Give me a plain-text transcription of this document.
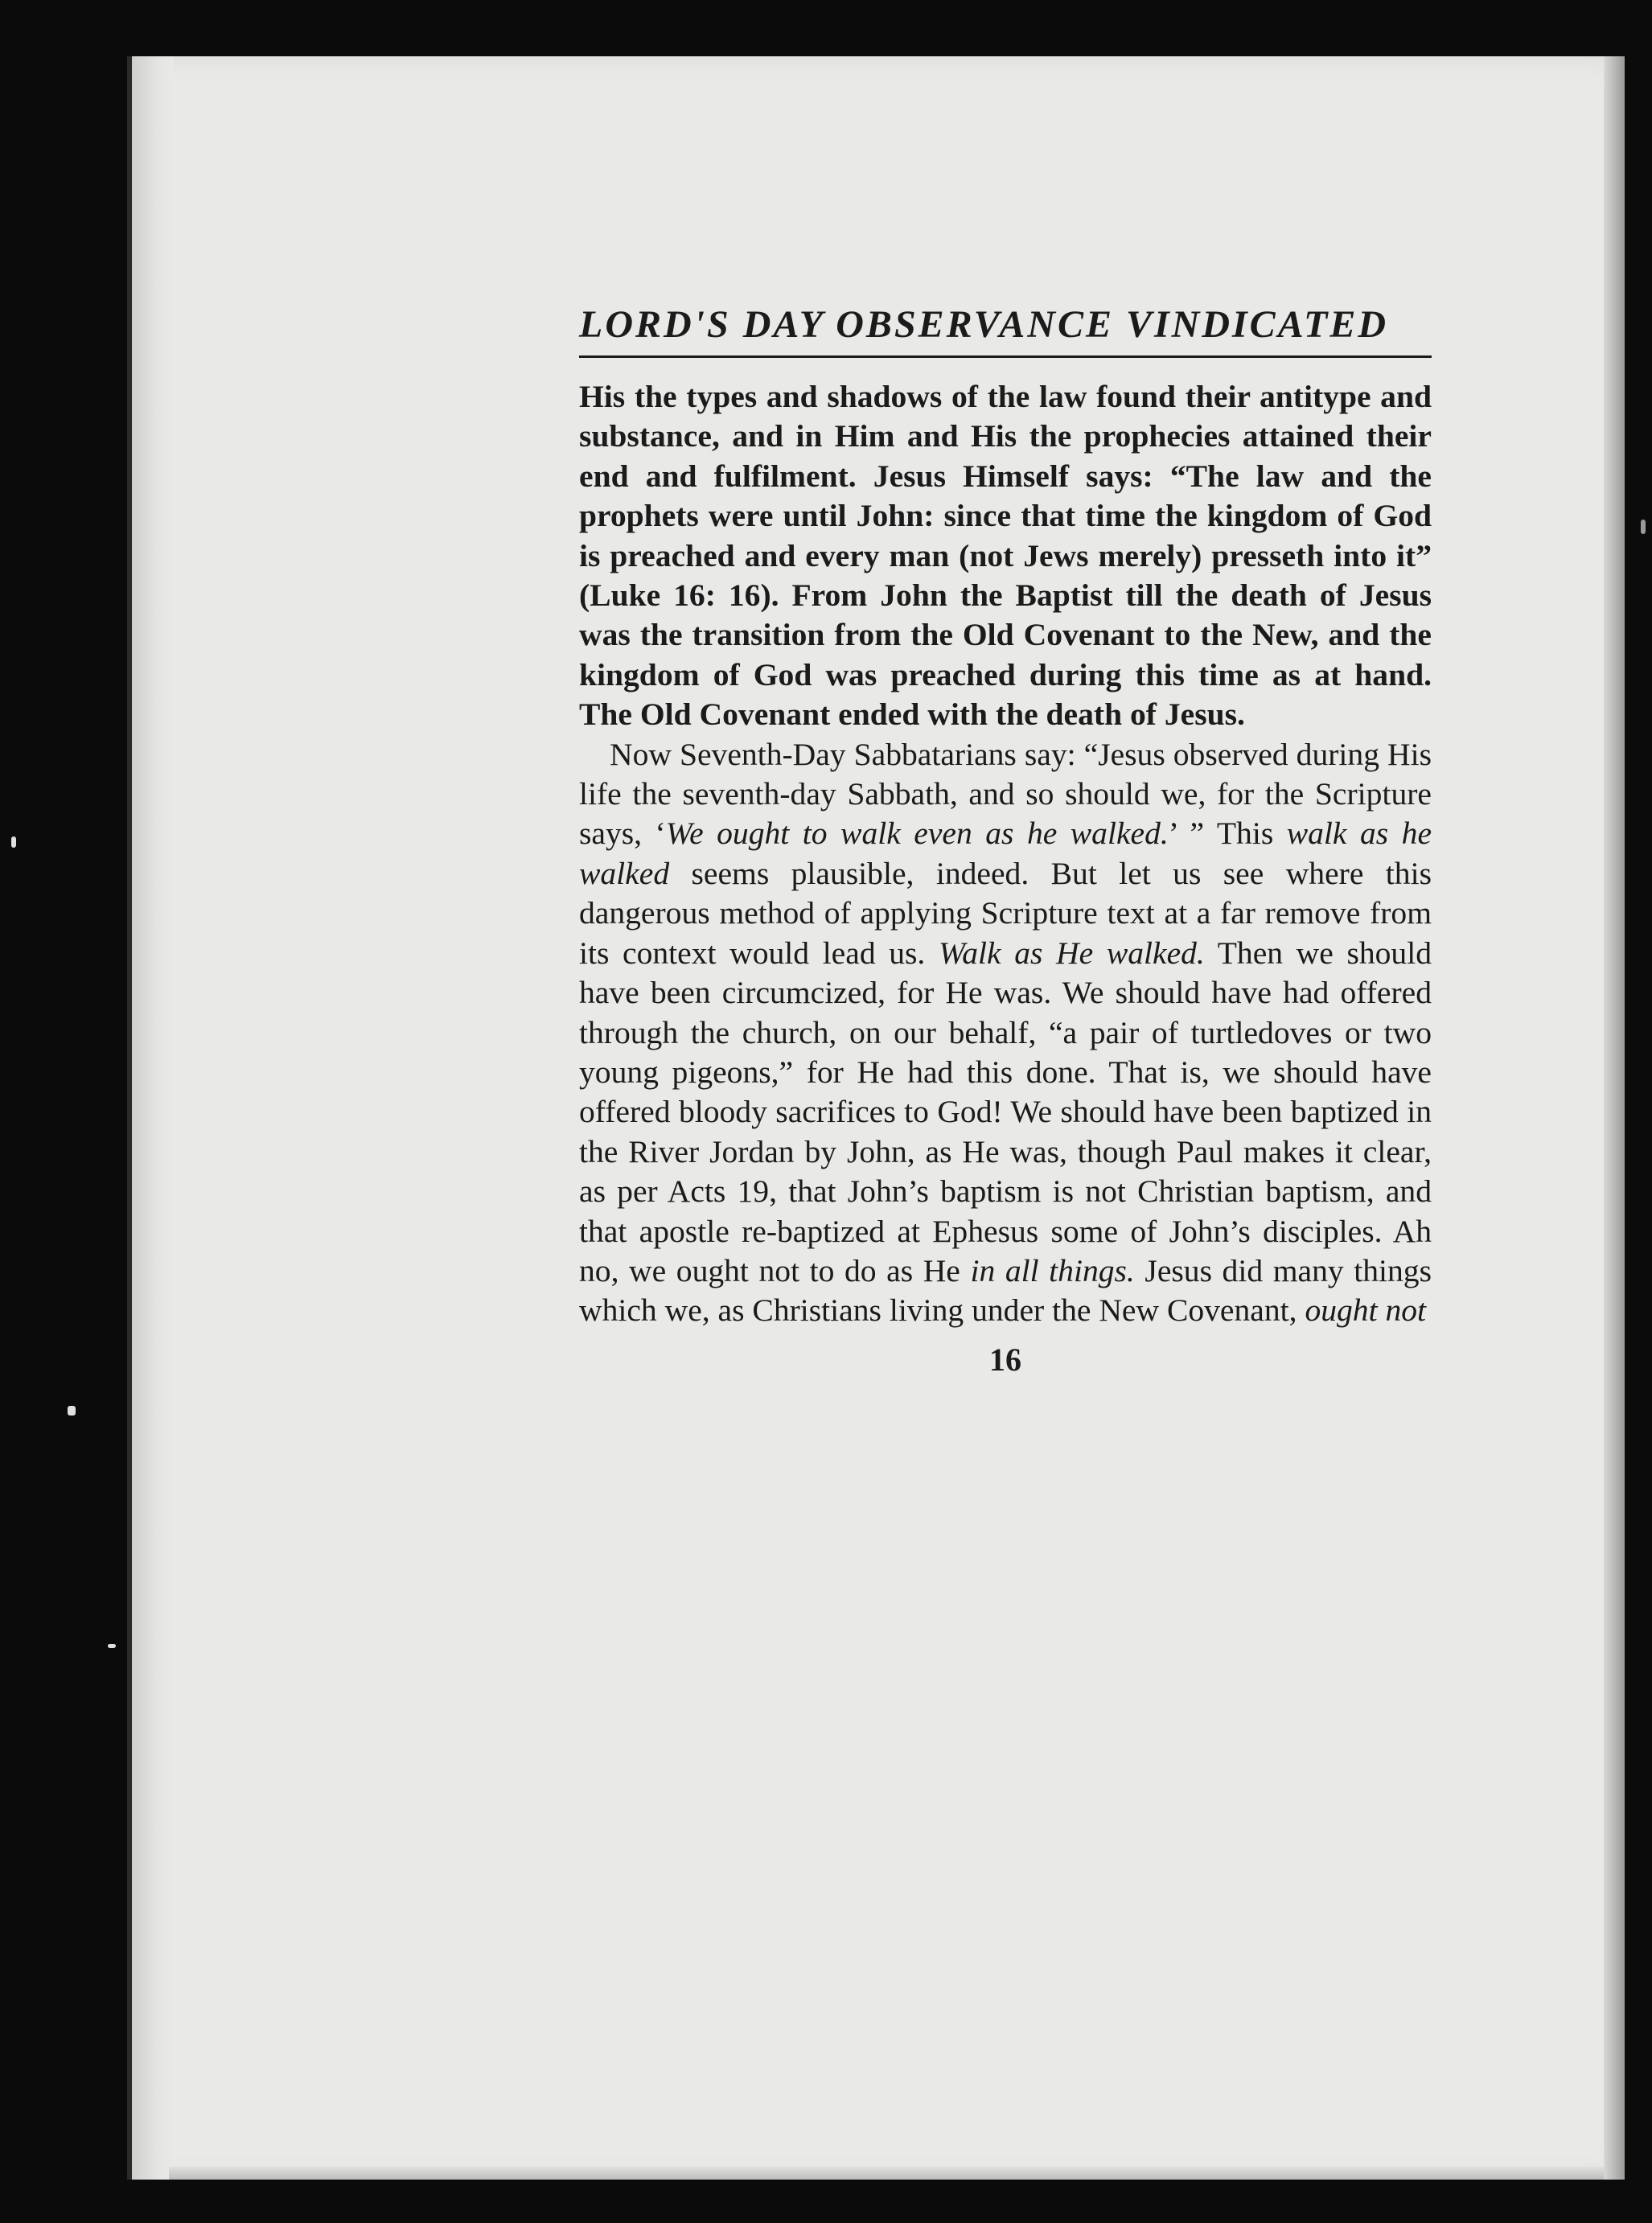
LORD'S DAY OBSERVANCE VINDICATED

His the types and shadows of the law found their antitype and substance, and in Him and His the prophecies attained their end and fulfilment. Jesus Himself says: “The law and the prophets were until John: since that time the kingdom of God is preached and every man (not Jews merely) presseth into it” (Luke 16: 16). From John the Baptist till the death of Jesus was the transition from the Old Covenant to the New, and the kingdom of God was preached during this time as at hand. The Old Covenant ended with the death of Jesus.

Now Seventh-Day Sabbatarians say: “Jesus observed during His life the seventh-day Sabbath, and so should we, for the Scripture says, ‘We ought to walk even as he walked.’ ” This walk as he walked seems plausible, indeed. But let us see where this dangerous method of applying Scripture text at a far remove from its context would lead us. Walk as He walked. Then we should have been circumcized, for He was. We should have had offered through the church, on our behalf, “a pair of turtledoves or two young pigeons,” for He had this done. That is, we should have offered bloody sacrifices to God! We should have been baptized in the River Jordan by John, as He was, though Paul makes it clear, as per Acts 19, that John’s baptism is not Christian baptism, and that apostle re-baptized at Ephesus some of John’s disciples. Ah no, we ought not to do as He in all things. Jesus did many things which we, as Christians living under the New Covenant, ought not

16
